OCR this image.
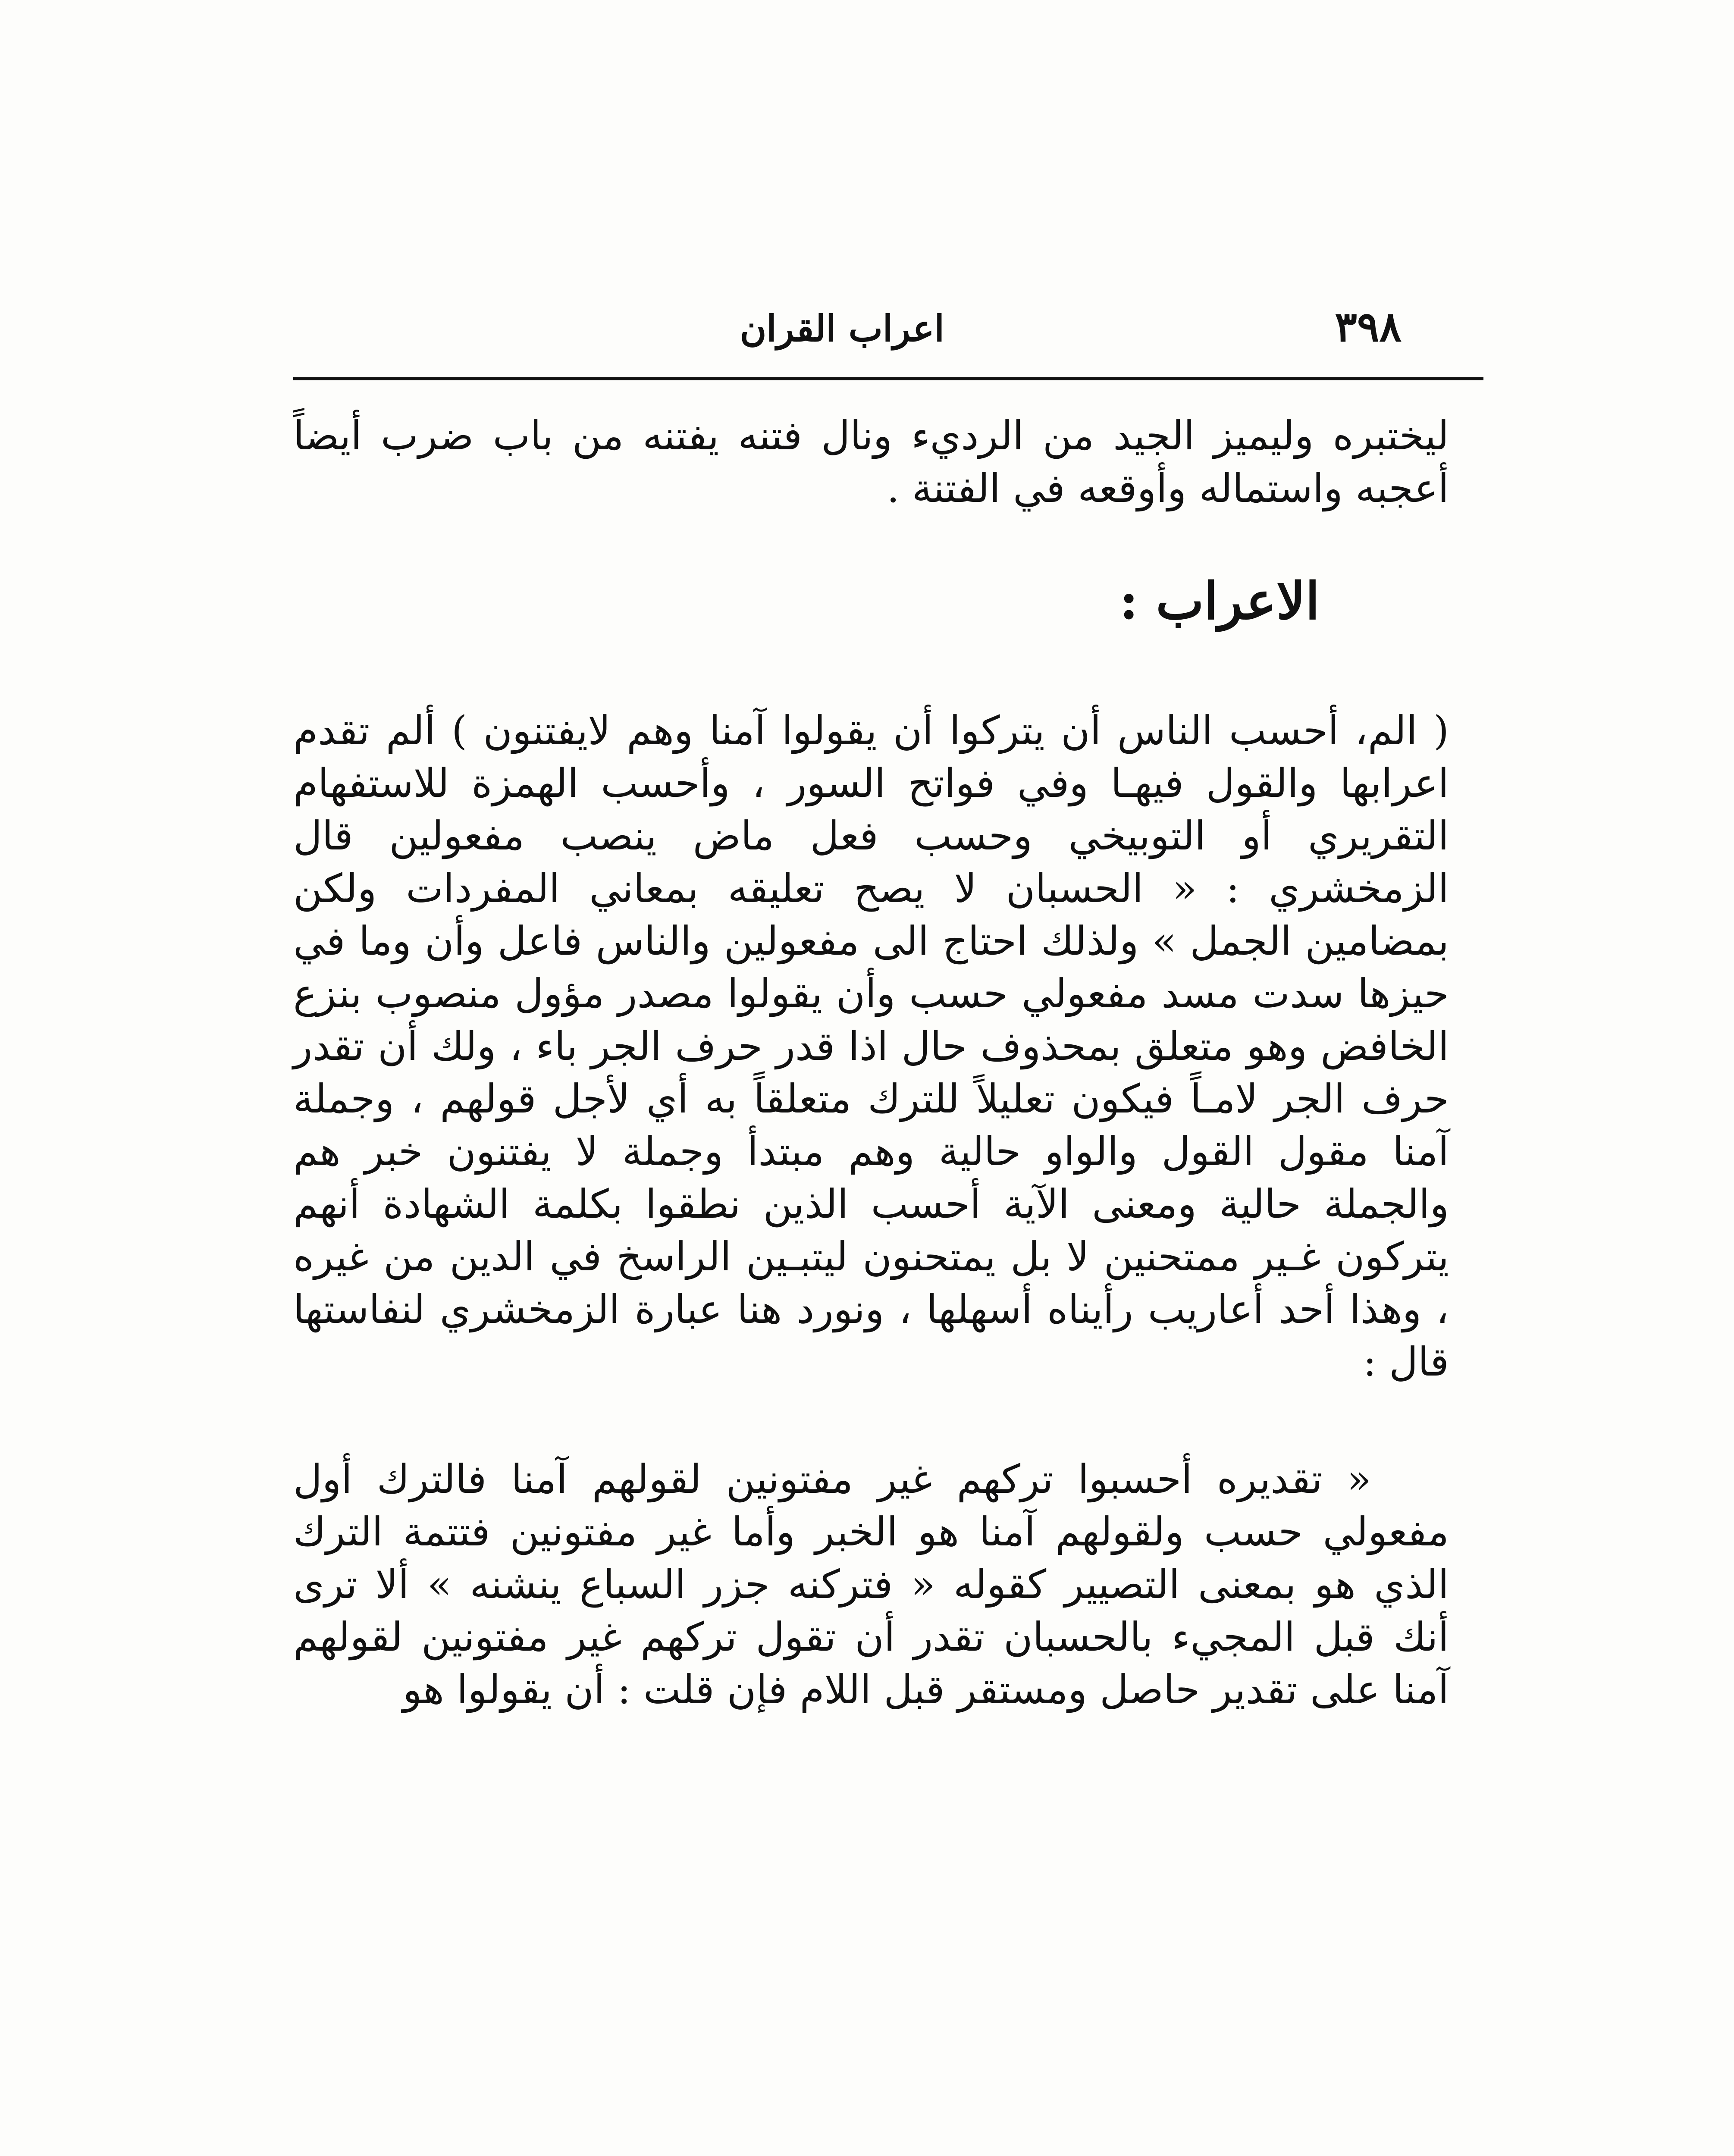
٣٩٨
اعراب القران

ليختبره وليميز الجيد من الرديء ونال فتنه يفتنه من باب ضرب أيضاً أعجبه واستماله وأوقعه في الفتنة .

الاعراب :

( الم، أحسب الناس أن يتركوا أن يقولوا آمنا وهم لايفتنون ) ألم تقدم اعرابها والقول فيهـا وفي فواتح السور ، وأحسب الهمزة للاستفهام التقريري أو التوبيخي وحسب فعل ماض ينصب مفعولين قال الزمخشري : « الحسبان لا يصح تعليقه بمعاني المفردات ولكن بمضامين الجمل » ولذلك احتاج الى مفعولين والناس فاعل وأن وما في حيزها سدت مسد مفعولي حسب وأن يقولوا مصدر مؤول منصوب بنزع الخافض وهو متعلق بمحذوف حال اذا قدر حرف الجر باء ، ولك أن تقدر حرف الجر لامـاً فيكون تعليلاً للترك متعلقاً به أي لأجل قولهم ، وجملة آمنا مقول القول والواو حالية وهم مبتدأ وجملة لا يفتنون خبر هم والجملة حالية ومعنى الآية أحسب الذين نطقوا بكلمة الشهادة أنهم يتركون غـير ممتحنين لا بل يمتحنون ليتبـين الراسخ في الدين من غيره ، وهذا أحد أعاريب رأيناه أسهلها ، ونورد هنا عبارة الزمخشري لنفاستها قال :

« تقديره أحسبوا تركهم غير مفتونين لقولهم آمنا فالترك أول مفعولي حسب ولقولهم آمنا هو الخبر وأما غير مفتونين فتتمة الترك الذي هو بمعنى التصيير كقوله « فتركنه جزر السباع ينشنه » ألا ترى أنك قبل المجيء بالحسبان تقدر أن تقول تركهم غير مفتونين لقولهم آمنا على تقدير حاصل ومستقر قبل اللام فإن قلت : أن يقولوا هو
